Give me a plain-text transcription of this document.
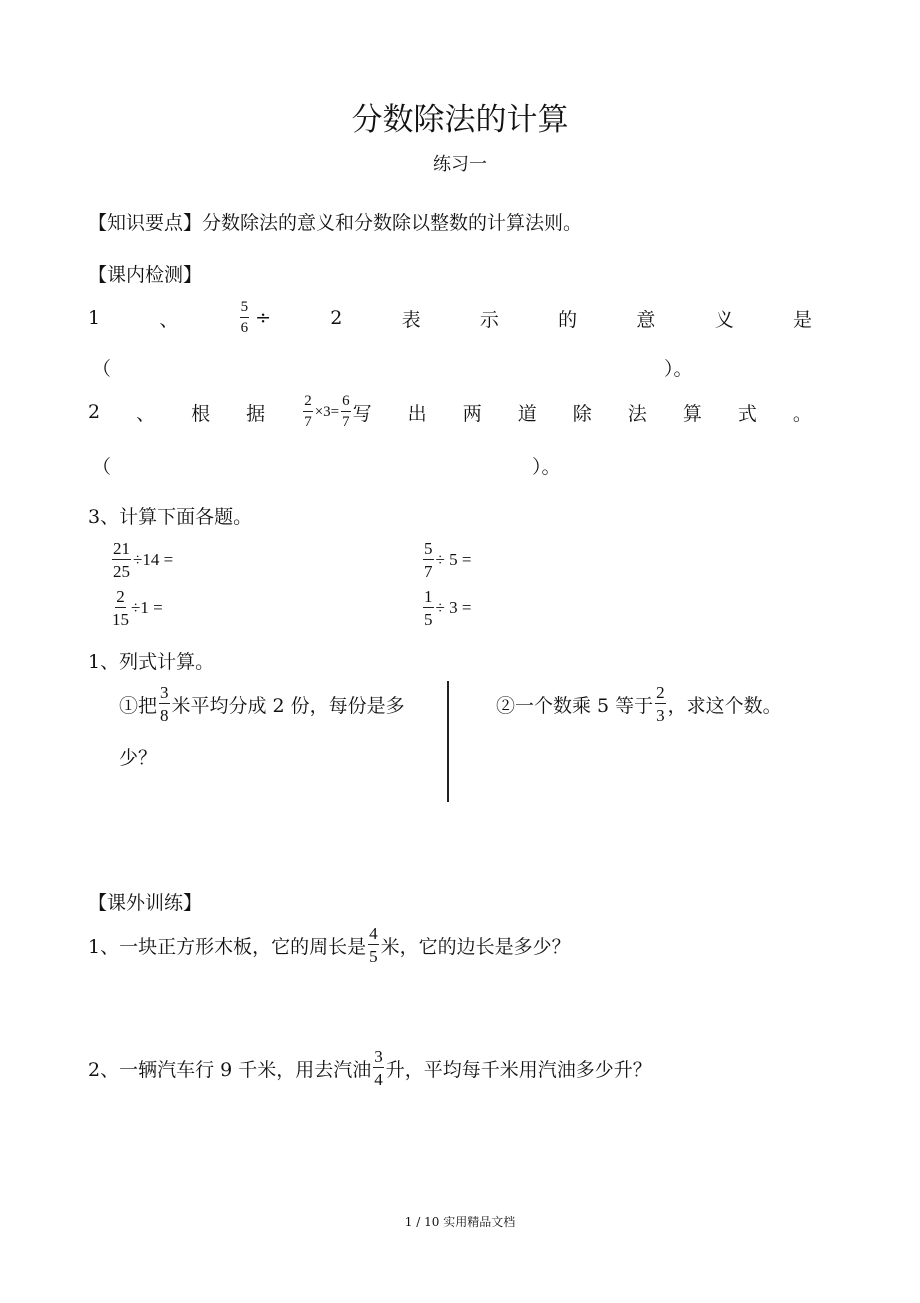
分数除法的计算
练习一
【知识要点】分数除法的意义和分数除以整数的计算法则。
【课内检测】
1	、	$\frac{5}{6}$ ÷	2	表	示	的	意	义	是
（	）。
2 、 根 据	$\frac{2}{7} \times 3= \frac{6}{7}$ 写 出 两 道 除 法 算 式 。
（	）。
3、计算下面各题。
$\frac{21}{25} \div 14$ =	$\frac{5}{7} \div 5$ =
$\frac{2}{15} \div 1$ =	$\frac{1}{5} \div 3$ =
1、列式计算。
①把 $\frac{3}{8}$ 米平均分成 2 份，每份是多
少？
②一个数乘 5 等于 $\frac{2}{3}$ ，求这个数。
【课外训练】
1、一块正方形木板，它的周长是 $\frac{4}{5}$ 米，它的边长是多少？
2、一辆汽车行 9 千米，用去汽油 $\frac{3}{4}$ 升，平均每千米用汽油多少升？
1 / 10 实用精品文档
